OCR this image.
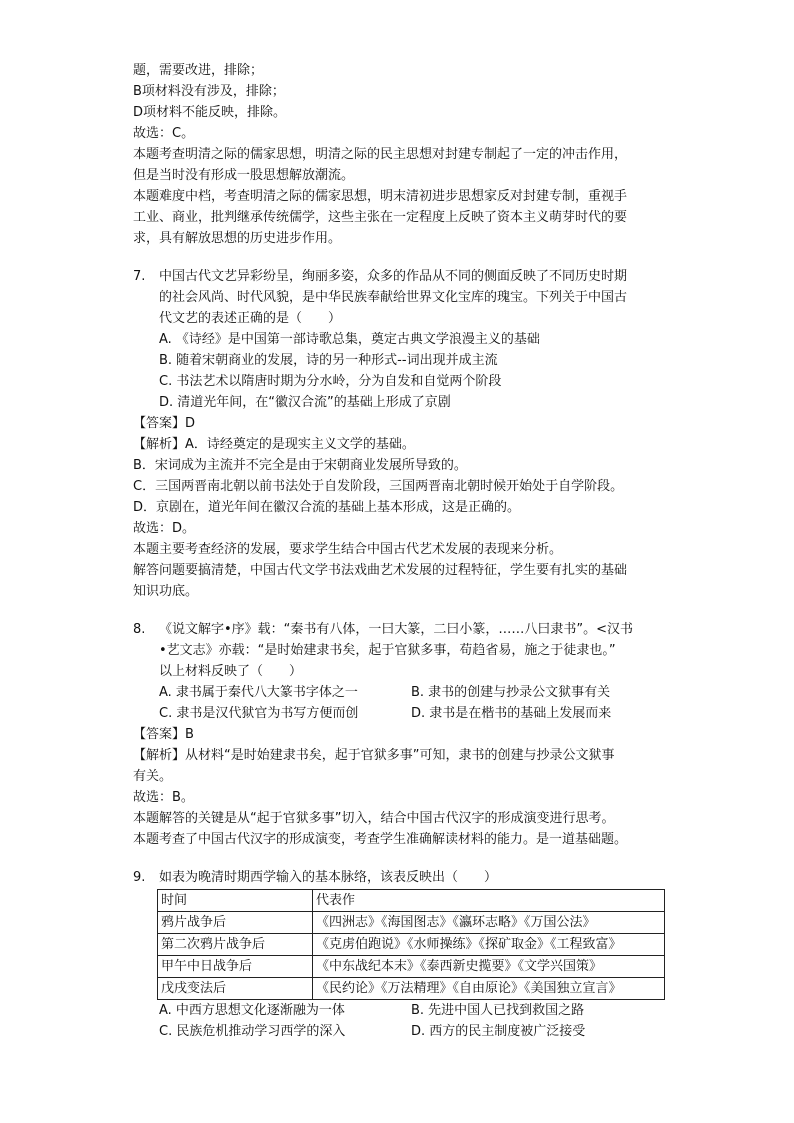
题，需要改进，排除；
B项材料没有涉及，排除；
D项材料不能反映，排除。
故选：C。
本题考查明清之际的儒家思想，明清之际的民主思想对封建专制起了一定的冲击作用，
但是当时没有形成一股思想解放潮流。
本题难度中档，考查明清之际的儒家思想，明末清初进步思想家反对封建专制，重视手
工业、商业，批判继承传统儒学，这些主张在一定程度上反映了资本主义萌芽时代的要
求，具有解放思想的历史进步作用。
7.	中国古代文艺异彩纷呈，绚丽多姿，众多的作品从不同的侧面反映了不同历史时期
的社会风尚、时代风貌，是中华民族奉献给世界文化宝库的瑰宝。下列关于中国古
代文艺的表述正确的是（　　）
A. 《诗经》是中国第一部诗歌总集，奠定古典文学浪漫主义的基础
B. 随着宋朝商业的发展，诗的另一种形式--词出现并成主流
C. 书法艺术以隋唐时期为分水岭，分为自发和自觉两个阶段
D. 清道光年间，在“徽汉合流”的基础上形成了京剧
【答案】D
【解析】A．诗经奠定的是现实主义文学的基础。
B．宋词成为主流并不完全是由于宋朝商业发展所导致的。
C．三国两晋南北朝以前书法处于自发阶段，三国两晋南北朝时候开始处于自学阶段。
D．京剧在，道光年间在徽汉合流的基础上基本形成，这是正确的。
故选：D。
本题主要考查经济的发展，要求学生结合中国古代艺术发展的表现来分析。
解答问题要搞清楚，中国古代文学书法戏曲艺术发展的过程特征，学生要有扎实的基础
知识功底。
8.	《说文解字•序》载：“秦书有八体，一曰大篆，二曰小篆，……八曰隶书”。<汉书
•艺文志》亦载：“是时始建隶书矣，起于官狱多事，苟趋省易，施之于徒隶也。”
以上材料反映了（　　）
A. 隶书属于秦代八大篆书字体之一	B. 隶书的创建与抄录公文狱事有关
C. 隶书是汉代狱官为书写方便而创	D. 隶书是在楷书的基础上发展而来
【答案】B
【解析】从材料“是时始建隶书矣，起于官狱多事”可知，隶书的创建与抄录公文狱事
有关。
故选：B。
本题解答的关键是从“起于官狱多事”切入，结合中国古代汉字的形成演变进行思考。
本题考查了中国古代汉字的形成演变，考查学生准确解读材料的能力。是一道基础题。
9.	如表为晚清时期西学输入的基本脉络，该表反映出（　　）
时间	代表作
鸦片战争后	《四洲志》《海国图志》《瀛环志略》《万国公法》
第二次鸦片战争后	《克虏伯跑说》《水师操练》《探矿取金》《工程致富》
甲午中日战争后	《中东战纪本末》《泰西新史揽要》《文学兴国策》
戊戌变法后	《民约论》《万法精理》《自由原论》《美国独立宣言》
A. 中西方思想文化逐渐融为一体	B. 先进中国人已找到救国之路
C. 民族危机推动学习西学的深入	D. 西方的民主制度被广泛接受
